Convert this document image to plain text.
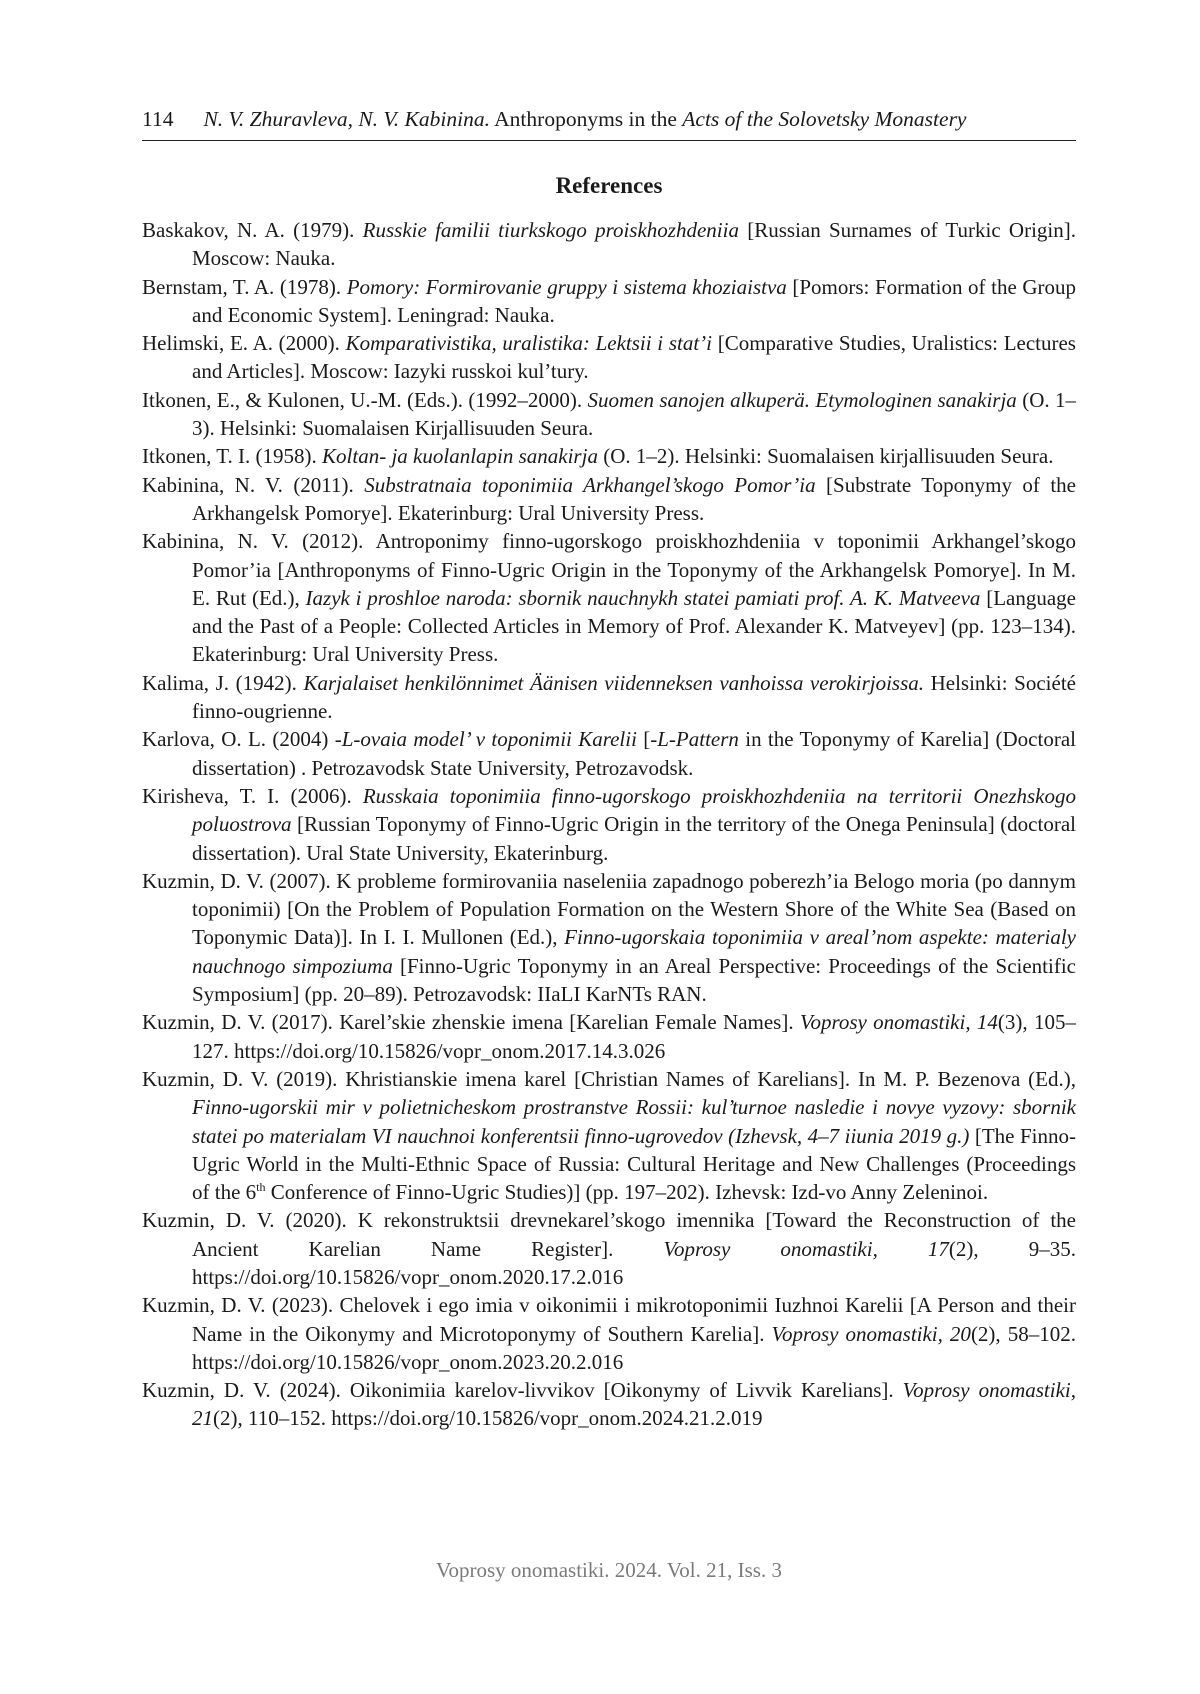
114 N. V. Zhuravleva, N. V. Kabinina. Anthroponyms in the Acts of the Solovetsky Monastery
References
Baskakov, N. A. (1979). Russkie familii tiurkskogo proiskhozhdeniia [Russian Surnames of Turkic Origin]. Moscow: Nauka.
Bernstam, T. A. (1978). Pomory: Formirovanie gruppy i sistema khoziaistva [Pomors: Formation of the Group and Economic System]. Leningrad: Nauka.
Helimski, E. A. (2000). Komparativistika, uralistika: Lektsii i stat’i [Comparative Studies, Uralistics: Lectures and Articles]. Moscow: Iazyki russkoi kul’tury.
Itkonen, E., & Kulonen, U.-M. (Eds.). (1992–2000). Suomen sanojen alkuperä. Etymologinen sanakirja (O. 1–3). Helsinki: Suomalaisen Kirjallisuuden Seura.
Itkonen, T. I. (1958). Koltan- ja kuolanlapin sanakirja (O. 1–2). Helsinki: Suomalaisen kirjallisuuden Seura.
Kabinina, N. V. (2011). Substratnaia toponimiia Arkhangel’skogo Pomor’ia [Substrate Toponymy of the Arkhangelsk Pomorye]. Ekaterinburg: Ural University Press.
Kabinina, N. V. (2012). Antroponimy finno-ugorskogo proiskhozhdeniia v toponimii Arkhangel’skogo Pomor’ia [Anthroponyms of Finno-Ugric Origin in the Toponymy of the Arkhangelsk Pomorye]. In M. E. Rut (Ed.), Iazyk i proshloe naroda: sbornik nauchnykh statei pamiati prof. A. K. Matveeva [Language and the Past of a People: Collected Articles in Memory of Prof. Alexander K. Matveyev] (pp. 123–134). Ekaterinburg: Ural University Press.
Kalima, J. (1942). Karjalaiset henkilönnimet Äänisen viidenneksen vanhoissa verokirjoissa. Helsinki: Société finno-ougrienne.
Karlova, O. L. (2004) -L-ovaia model’ v toponimii Karelii [-L-Pattern in the Toponymy of Karelia] (Doctoral dissertation) . Petrozavodsk State University, Petrozavodsk.
Kirisheva, T. I. (2006). Russkaia toponimiia finno-ugorskogo proiskhozhdeniia na territorii Onezhskogo poluostrova [Russian Toponymy of Finno-Ugric Origin in the territory of the Onega Peninsula] (doctoral dissertation). Ural State University, Ekaterinburg.
Kuzmin, D. V. (2007). K probleme formirovaniia naseleniia zapadnogo poberezh’ia Belogo moria (po dannym toponimii) [On the Problem of Population Formation on the Western Shore of the White Sea (Based on Toponymic Data)]. In I. I. Mullonen (Ed.), Finno-ugorskaia toponimiia v areal’nom aspekte: materialy nauchnogo simpoziuma [Finno-Ugric Toponymy in an Areal Perspective: Proceedings of the Scientific Symposium] (pp. 20–89). Petrozavodsk: IIaLI KarNTs RAN.
Kuzmin, D. V. (2017). Karel’skie zhenskie imena [Karelian Female Names]. Voprosy onomastiki, 14(3), 105–127. https://doi.org/10.15826/vopr_onom.2017.14.3.026
Kuzmin, D. V. (2019). Khristianskie imena karel [Christian Names of Karelians]. In M. P. Bezenova (Ed.), Finno-ugorskii mir v polietnicheskom prostranstve Rossii: kul’turnoe nasledie i novye vyzovy: sbornik statei po materialam VI nauchnoi konferentsii finno-ugrovedov (Izhevsk, 4–7 iiunia 2019 g.) [The Finno-Ugric World in the Multi-Ethnic Space of Russia: Cultural Heritage and New Challenges (Proceedings of the 6th Conference of Finno-Ugric Studies)] (pp. 197–202). Izhevsk: Izd-vo Anny Zeleninoi.
Kuzmin, D. V. (2020). K rekonstruktsii drevnekarel’skogo imennika [Toward the Reconstruction of the Ancient Karelian Name Register]. Voprosy onomastiki, 17(2), 9–35. https://doi.org/10.15826/vopr_onom.2020.17.2.016
Kuzmin, D. V. (2023). Chelovek i ego imia v oikonimii i mikrotoponimii Iuzhnoi Karelii [A Person and their Name in the Oikonymy and Microtoponymy of Southern Karelia]. Voprosy onomastiki, 20(2), 58–102. https://doi.org/10.15826/vopr_onom.2023.20.2.016
Kuzmin, D. V. (2024). Oikonimiia karelov-livvikov [Oikonymy of Livvik Karelians]. Voprosy onomastiki, 21(2), 110–152. https://doi.org/10.15826/vopr_onom.2024.21.2.019
Voprosy onomastiki. 2024. Vol. 21, Iss. 3
